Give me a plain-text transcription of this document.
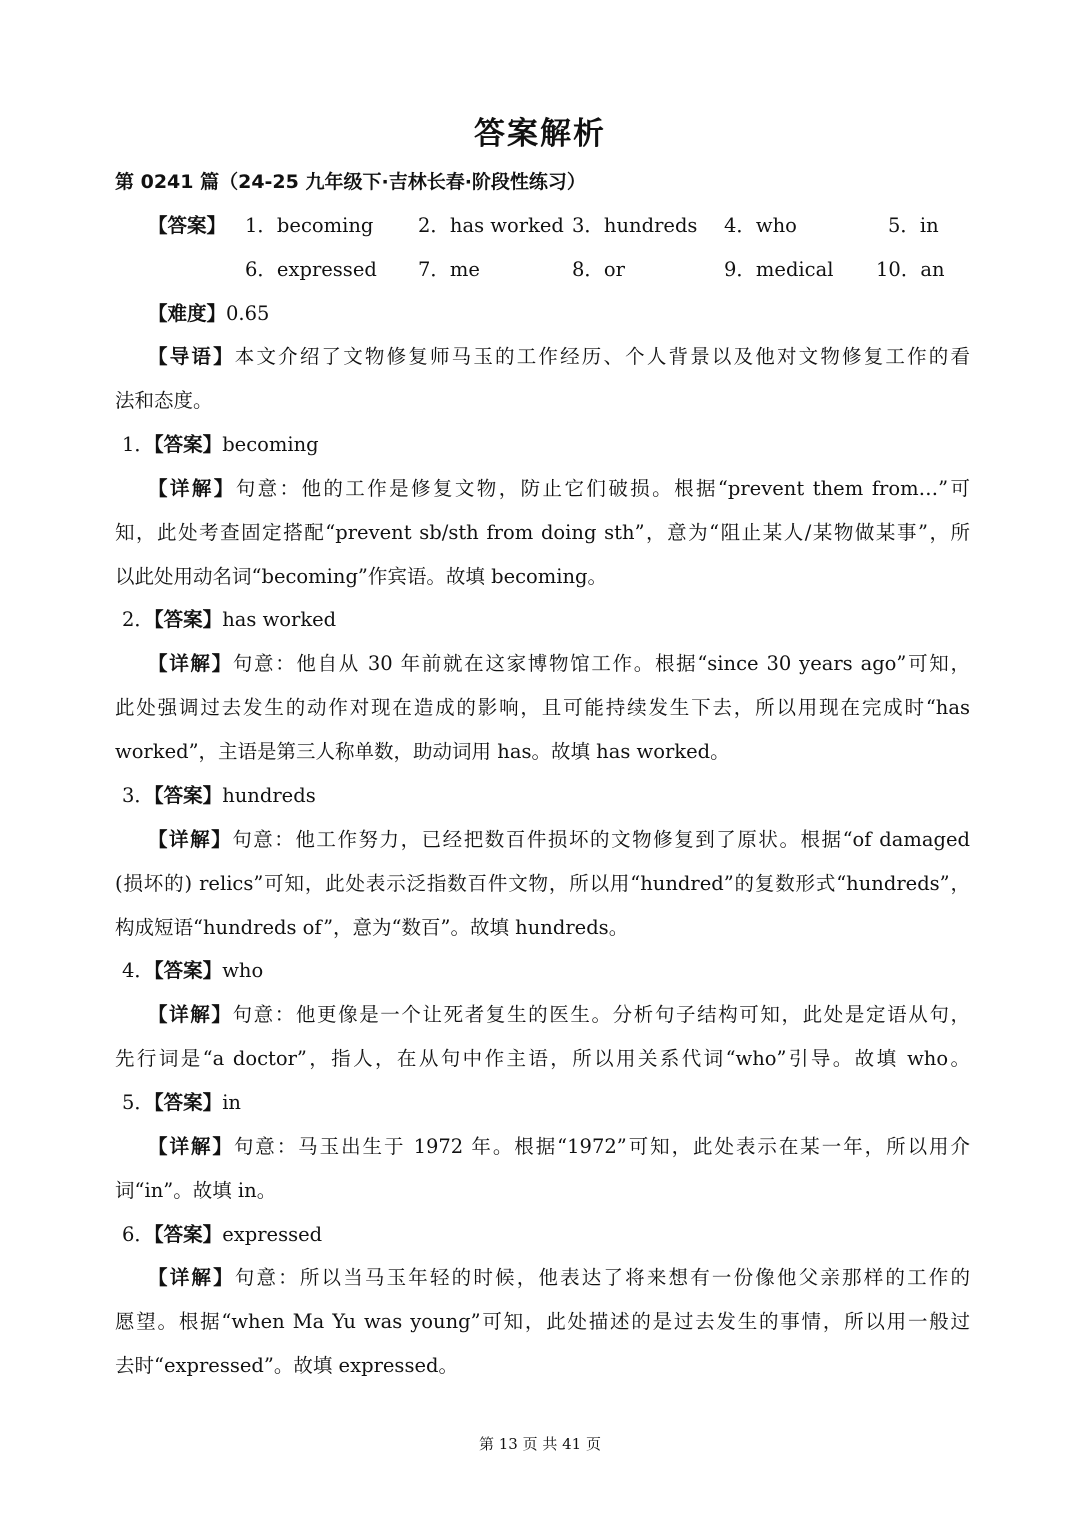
答案解析
第 0241 篇（24-25 九年级下·吉林长春·阶段性练习）
【答案】 1．becoming 2．has worked 3．hundreds 4．who	5．in
6．expressed 7．me	8．or	9．medical 10．an
【难度】0.65
【导语】本文介绍了文物修复师马玉的工作经历、个人背景以及他对文物修复工作的看
法和态度。
1．【答案】becoming
【详解】句意：他的工作是修复文物，防止它们破损。根据“prevent them from…”可
知，此处考查固定搭配“prevent sb/sth from doing sth”，意为“阻止某人/某物做某事”，所
以此处用动名词“becoming”作宾语。故填 becoming。
2．【答案】has worked
【详解】句意：他自从 30 年前就在这家博物馆工作。根据“since 30 years ago”可知，
此处强调过去发生的动作对现在造成的影响，且可能持续发生下去，所以用现在完成时“has
worked”，主语是第三人称单数，助动词用 has。故填 has worked。
3．【答案】hundreds
【详解】句意：他工作努力，已经把数百件损坏的文物修复到了原状。根据“of damaged
(损坏的) relics”可知，此处表示泛指数百件文物，所以用“hundred”的复数形式“hundreds”，
构成短语“hundreds of”，意为“数百”。故填 hundreds。
4．【答案】who
【详解】句意：他更像是一个让死者复生的医生。分析句子结构可知，此处是定语从句，
先行词是“a doctor”，指人，在从句中作主语，所以用关系代词“who”引导。故填 who。
5．【答案】in
【详解】句意：马玉出生于 1972 年。根据“1972”可知，此处表示在某一年，所以用介
词“in”。故填 in。
6．【答案】expressed
【详解】句意：所以当马玉年轻的时候，他表达了将来想有一份像他父亲那样的工作的
愿望。根据“when Ma Yu was young”可知，此处描述的是过去发生的事情，所以用一般过
去时“expressed”。故填 expressed。
第 13 页 共 41 页
